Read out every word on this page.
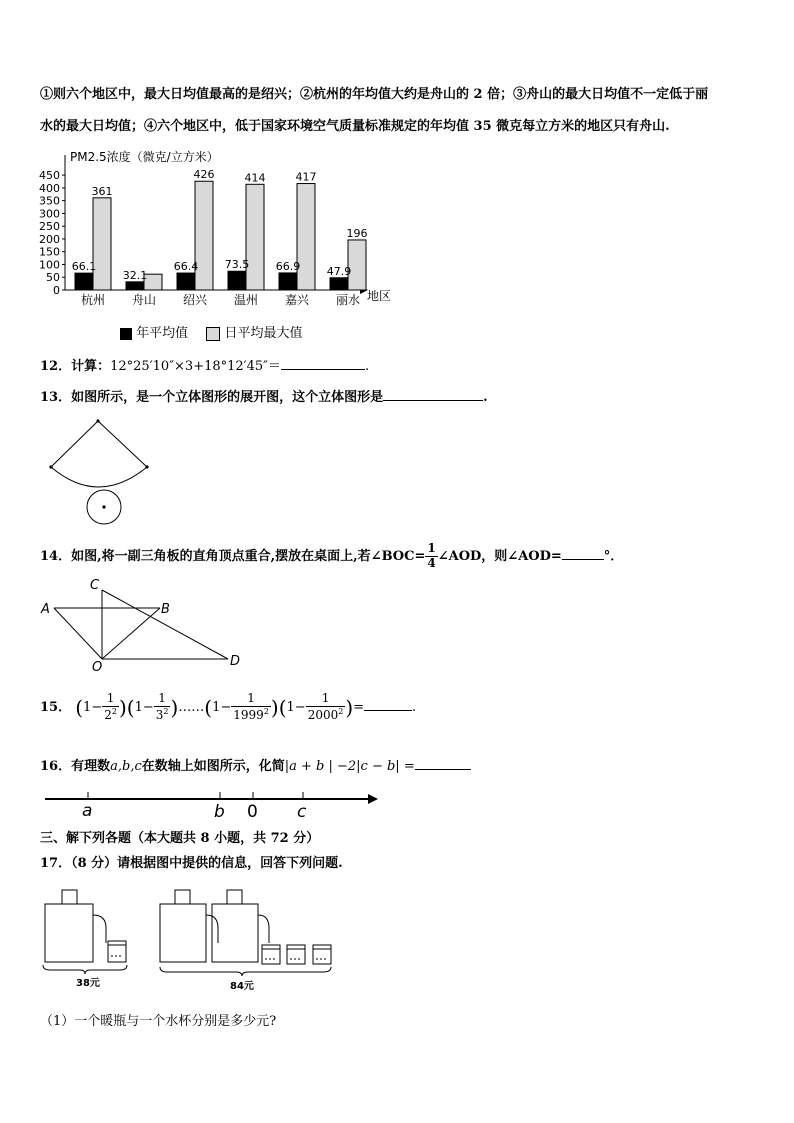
①则六个地区中，最大日均值最高的是绍兴；②杭州的年均值大约是舟山的 2 倍；③舟山的最大日均值不一定低于丽
水的最大日均值；④六个地区中，低于国家环境空气质量标准规定的年均值 35 微克每立方米的地区只有舟山.
PM2.5浓度（微克/立方米）
地区
0
50
100
150
200
250
300
350
400
450
66.1
361
杭州
32.1
舟山
66.4
426
绍兴
73.5
414
温州
66.9
417
嘉兴
47.9
196
丽水
年平均值	日平均最大值
12．计算：12°25′10″×3+18°12′45″＝	.
13．如图所示，是一个立体图形的展开图，这个立体图形是	.
14．如图,将一副三角板的直角顶点重合,摆放在桌面上,若∠BOC= $\frac{1}{4}$ ∠AOD，则∠AOD=	°．
C
A	B
O	D
15． $(1- \frac{1}{2^2} )(1- \frac{1}{3^2}$ )……(1− $\frac{1}{1999^2} )(1- \frac{1}{2000^2}$ )=	.
16．有理数a,b,c在数轴上如图所示，化简|a + b | −2|c − b| =
a	b 0 c
三、解下列各题（本大题共 8 小题，共 72 分）
17．（8 分）请根据图中提供的信息，回答下列问题.
38元	84元
（1）一个暖瓶与一个水杯分别是多少元?
